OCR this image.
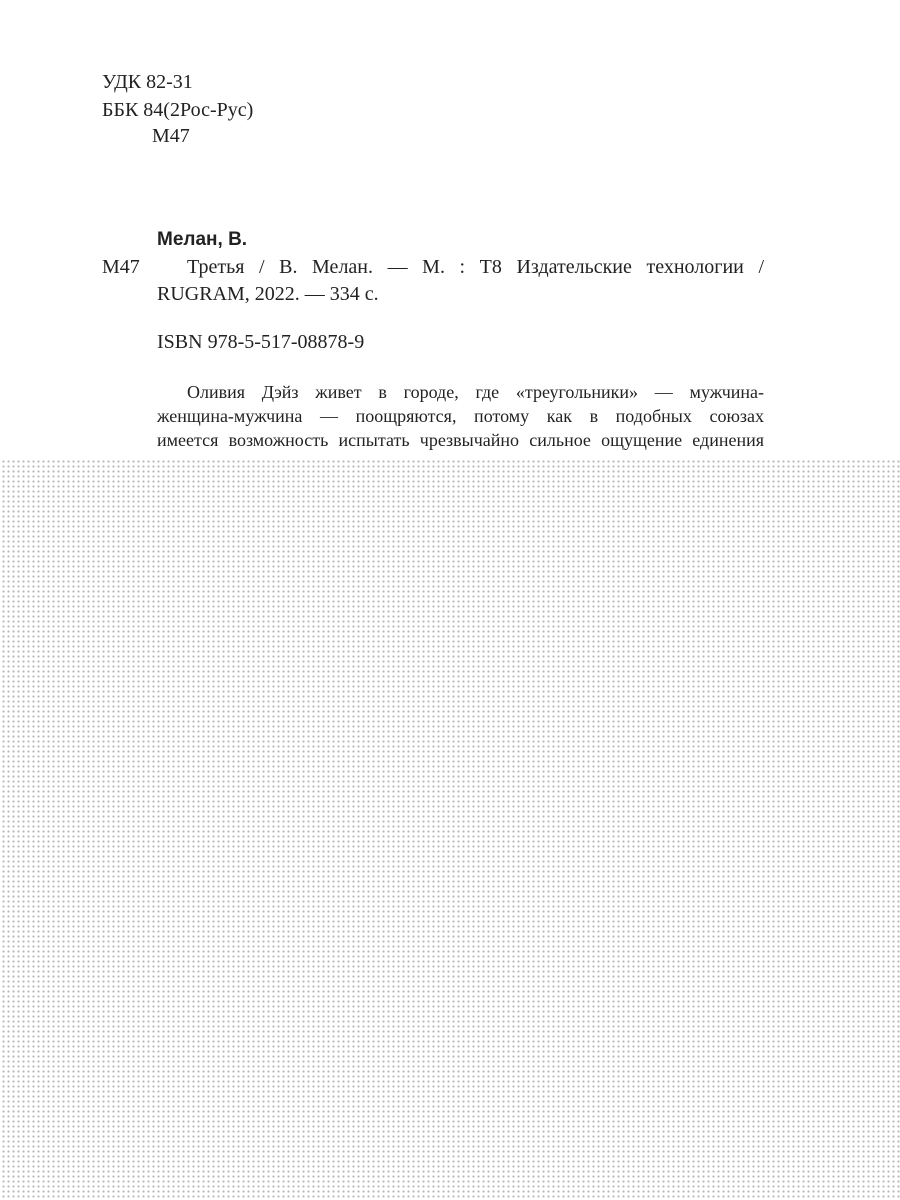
УДК 82-31
ББК 84(2Рос-Рус)
М47
Мелан, В.
М47 Третья / В. Мелан. — М. : Т8 Издательские технологии /
RUGRAM, 2022. — 334 с.
ISBN 978-5-517-08878-9
Оливия Дэйз живет в городе, где «треугольники» — мужчина-
женщина-мужчина — поощряются, потому как в подобных союзах
имеется возможность испытать чрезвычайно сильное ощущение единения
